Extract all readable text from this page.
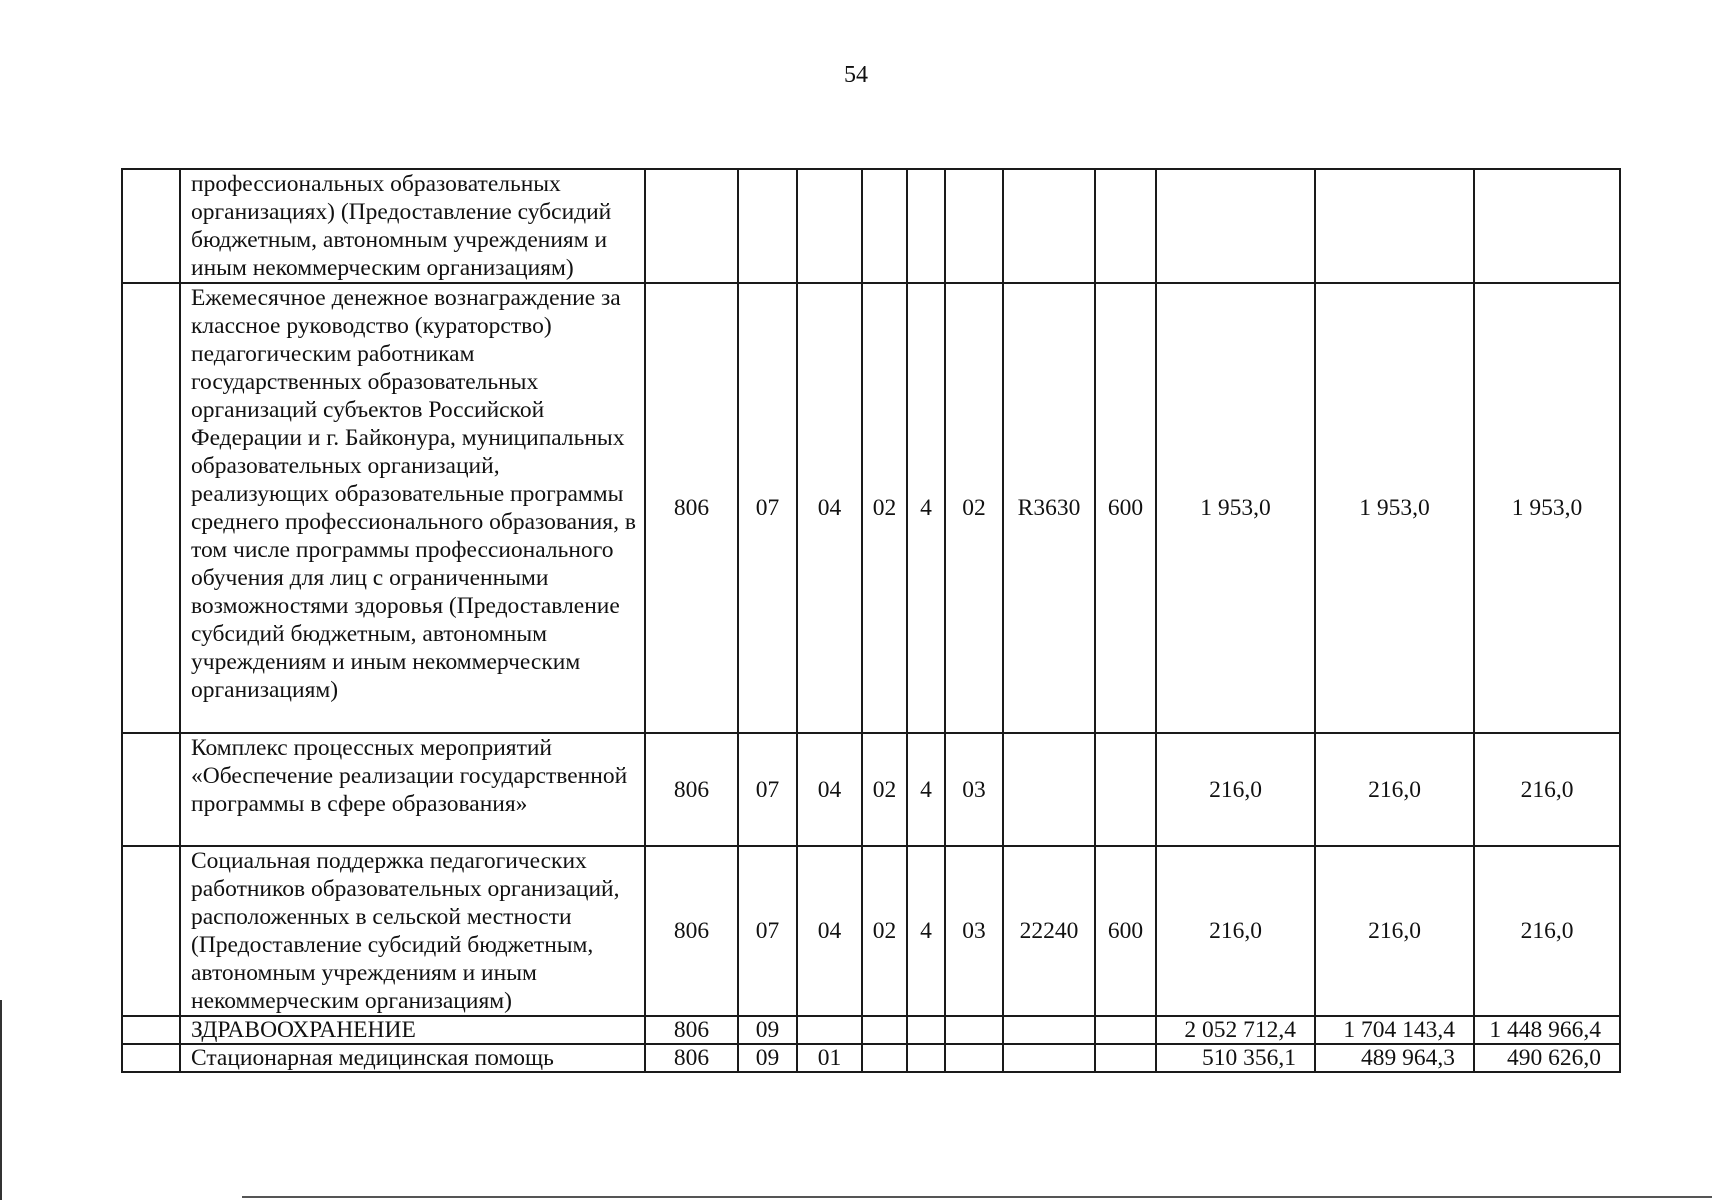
54
	профессиональных образовательных организациях) (Предоставление субсидий бюджетным, автономным учреждениям и иным некоммерческим организациям)											
	Ежемесячное денежное вознаграждение за классное руководство (кураторство) педагогическим работникам государственных образовательных организаций субъектов Российской Федерации и г. Байконура, муниципальных образовательных организаций, реализующих образовательные программы среднего профессионального образования, в том числе программы профессионального обучения для лиц с ограниченными возможностями здоровья (Предоставление субсидий бюджетным, автономным учреждениям и иным некоммерческим организациям)	806	07	04	02	4	02	R3630	600	1 953,0	1 953,0	1 953,0
	Комплекс процессных мероприятий «Обеспечение реализации государственной программы в сфере образования»	806	07	04	02	4	03			216,0	216,0	216,0
	Социальная поддержка педагогических работников образовательных организаций, расположенных в сельской местности (Предоставление субсидий бюджетным, автономным учреждениям и иным некоммерческим организациям)	806	07	04	02	4	03	22240	600	216,0	216,0	216,0
	ЗДРАВООХРАНЕНИЕ	806	09							2 052 712,4	1 704 143,4	1 448 966,4
	Стационарная медицинская помощь	806	09	01						510 356,1	489 964,3	490 626,0
